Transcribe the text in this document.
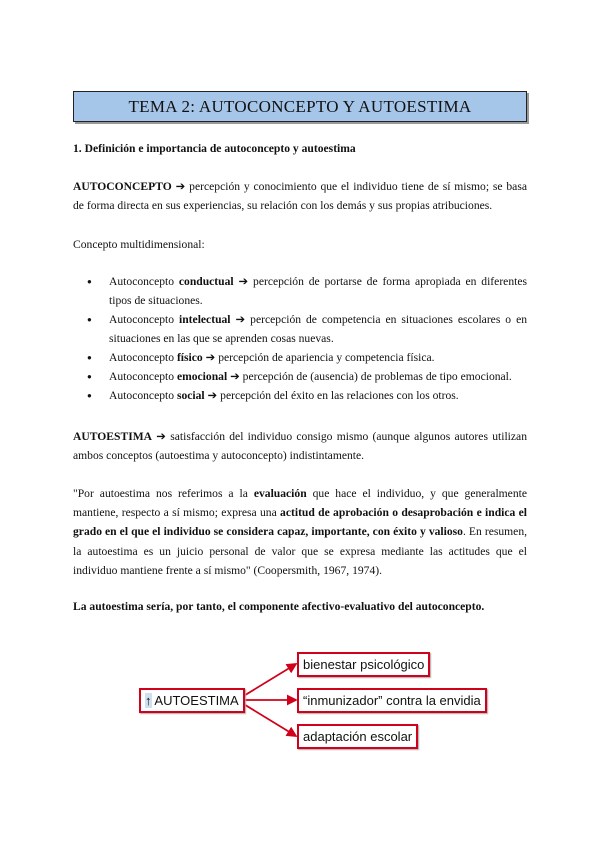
TEMA 2: AUTOCONCEPTO Y AUTOESTIMA
1. Definición e importancia de autoconcepto y autoestima
AUTOCONCEPTO ➔ percepción y conocimiento que el individuo tiene de sí mismo; se basa de forma directa en sus experiencias, su relación con los demás y sus propias atribuciones.
Concepto multidimensional:
● Autoconcepto conductual ➔ percepción de portarse de forma apropiada en diferentes tipos de situaciones.
● Autoconcepto intelectual ➔ percepción de competencia en situaciones escolares o en situaciones en las que se aprenden cosas nuevas.
● Autoconcepto físico ➔ percepción de apariencia y competencia física.
● Autoconcepto emocional ➔ percepción de (ausencia) de problemas de tipo emocional.
● Autoconcepto social ➔ percepción del éxito en las relaciones con los otros.
AUTOESTIMA ➔ satisfacción del individuo consigo mismo (aunque algunos autores utilizan ambos conceptos (autoestima y autoconcepto) indistintamente.
"Por autoestima nos referimos a la evaluación que hace el individuo, y que generalmente mantiene, respecto a sí mismo; expresa una actitud de aprobación o desaprobación e indica el grado en el que el individuo se considera capaz, importante, con éxito y valioso. En resumen, la autoestima es un juicio personal de valor que se expresa mediante las actitudes que el individuo mantiene frente a sí mismo" (Coopersmith, 1967, 1974).
La autoestima sería, por tanto, el componente afectivo-evaluativo del autoconcepto.
↑ AUTOESTIMA
bienestar psicológico
“inmunizador” contra la envidia
adaptación escolar
